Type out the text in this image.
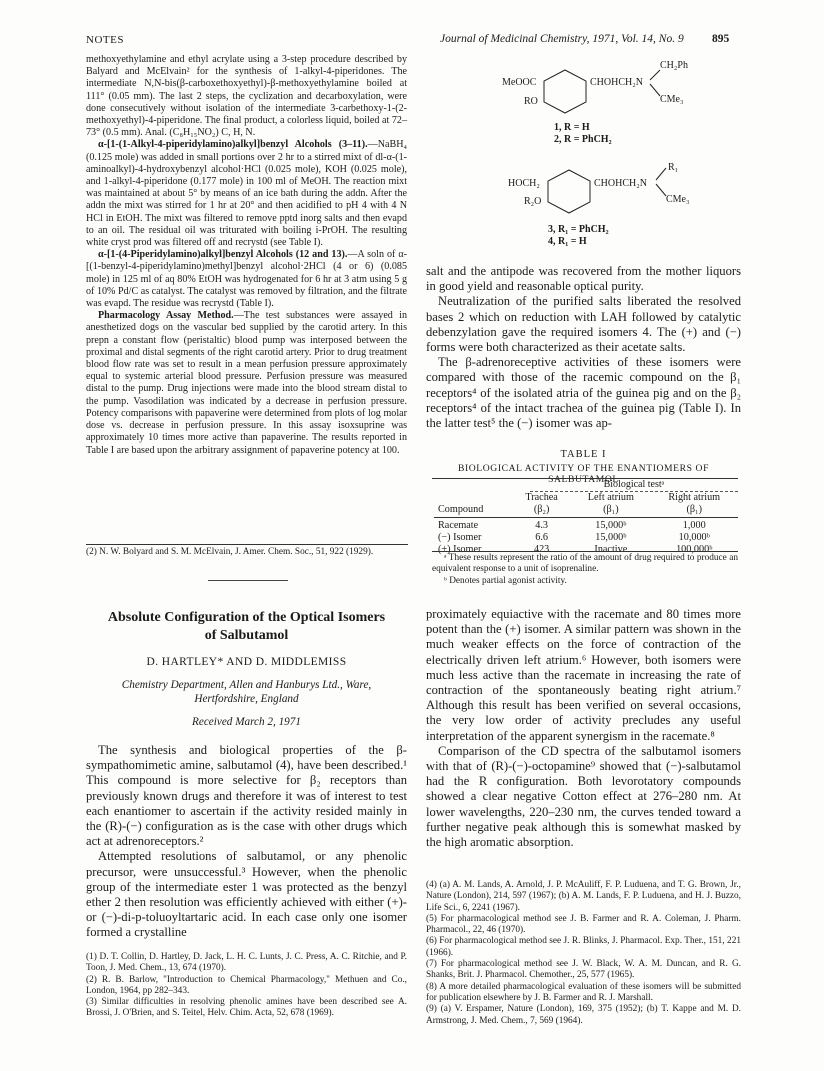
NOTES	Journal of Medicinal Chemistry, 1971, Vol. 14, No. 9 895

methoxyethylamine and ethyl acrylate using a 3-step procedure described by Balyard and McElvain² for the synthesis of 1-alkyl-4-piperidones. The intermediate N,N-bis(β-carboxethoxyethyl)-β-methoxyethylamine boiled at 111° (0.05 mm). The last 2 steps, the cyclization and decarboxylation, were done consecutively without isolation of the intermediate 3-carbethoxy-1-(2-methoxyethyl)-4-piperidone. The final product, a colorless liquid, boiled at 72–73° (0.5 mm). Anal. (C₈H₁₅NO₂) C, H, N.

α-[1-(1-Alkyl-4-piperidylamino)alkyl]benzyl Alcohols (3–11).—NaBH₄ (0.125 mole) was added in small portions over 2 hr to a stirred mixt of dl-α-(1-aminoalkyl)-4-hydroxybenzyl alcohol·HCl (0.025 mole), KOH (0.025 mole), and 1-alkyl-4-piperidone (0.177 mole) in 100 ml of MeOH. The reaction mixt was maintained at about 5° by means of an ice bath during the addn. After the addn the mixt was stirred for 1 hr at 20° and then acidified to pH 4 with 4 N HCl in EtOH. The mixt was filtered to remove pptd inorg salts and then evapd to an oil. The residual oil was triturated with boiling i-PrOH. The resulting white cryst prod was filtered off and recrystd (see Table I).

α-[1-(4-Piperidylamino)alkyl]benzyl Alcohols (12 and 13).—A soln of α-[(1-benzyl-4-piperidylamino)methyl]benzyl alcohol·2HCl (4 or 6) (0.085 mole) in 125 ml of aq 80% EtOH was hydrogenated for 6 hr at 3 atm using 5 g of 10% Pd/C as catalyst. The catalyst was removed by filtration, and the filtrate was evapd. The residue was recrystd (Table I).

Pharmacology Assay Method.—The test substances were assayed in anesthetized dogs on the vascular bed supplied by the carotid artery. In this prepn a constant flow (peristaltic) blood pump was interposed between the proximal and distal segments of the right carotid artery. Prior to drug treatment blood flow rate was set to result in a mean perfusion pressure approximately equal to systemic arterial blood pressure. Perfusion pressure was measured distal to the pump. Drug injections were made into the blood stream distal to the pump. Vasodilation was indicated by a decrease in perfusion pressure. Potency comparisons with papaverine were determined from plots of log molar dose vs. decrease in perfusion pressure. In this assay isoxsuprine was approximately 10 times more active than papaverine. The results reported in Table I are based upon the arbitrary assignment of papaverine potency at 100.

(2) N. W. Bolyard and S. M. McElvain, J. Amer. Chem. Soc., 51, 922 (1929).
Absolute Configuration of the Optical Isomers
of Salbutamol
D. HARTLEY* AND D. MIDDLEMISS
Chemistry Department, Allen and Hanburys Ltd., Ware,
Hertfordshire, England
Received March 2, 1971

The synthesis and biological properties of the β-sympathomimetic amine, salbutamol (4), have been described.¹ This compound is more selective for β₂ receptors than previously known drugs and therefore it was of interest to test each enantiomer to ascertain if the activity resided mainly in the (R)-(−) configuration as is the case with other drugs which act at adrenoreceptors.²

Attempted resolutions of salbutamol, or any phenolic precursor, were unsuccessful.³ However, when the phenolic group of the intermediate ester 1 was protected as the benzyl ether 2 then resolution was efficiently achieved with either (+)- or (−)-di-p-toluoyltartaric acid. In each case only one isomer formed a crystalline

(1) D. T. Collin, D. Hartley, D. Jack, L. H. C. Lunts, J. C. Press, A. C. Ritchie, and P. Toon, J. Med. Chem., 13, 674 (1970).

(2) R. B. Barlow, "Introduction to Chemical Pharmacology," Methuen and Co., London, 1964, pp 282–343.

(3) Similar difficulties in resolving phenolic amines have been described see A. Brossi, J. O'Brien, and S. Teitel, Helv. Chim. Acta, 52, 678 (1969).

MeOOC	CHOHCH₂N
CH₂Ph
CMe₃
RO
1, R = H
2, R = PhCH₂
HOCH₂	CHOHCH₂N
R₁
CMe₃
R₂O
3, R₁ = PhCH₂
4, R₁ = H

salt and the antipode was recovered from the mother liquors in good yield and reasonable optical purity.

Neutralization of the purified salts liberated the resolved bases 2 which on reduction with LAH followed by catalytic debenzylation gave the required isomers 4. The (+) and (−) forms were both characterized as their acetate salts.

The β-adrenoreceptive activities of these isomers were compared with those of the racemic compound on the β₁ receptors⁴ of the isolated atria of the guinea pig and on the β₂ receptors⁴ of the intact trachea of the guinea pig (Table I). In the latter test⁵ the (−) isomer was ap-

TABLE I
BIOLOGICAL ACTIVITY OF THE ENANTIOMERS OF SALBUTAMOL
Biological testᵃ
	Trachea	Left atrium	Right atrium
Compound	(β₂)	(β₁)	(β₁)

Racemate	4.3	15,000ᵇ	1,000
(−) Isomer	6.6	15,000ᵇ	10,000ᵇ
(+) Isomer	423	Inactive	100,000ᵇ

ᵃ These results represent the ratio of the amount of drug required to produce an equivalent response to a unit of isoprenaline.

ᵇ Denotes partial agonist activity.

proximately equiactive with the racemate and 80 times more potent than the (+) isomer. A similar pattern was shown in the much weaker effects on the force of contraction of the electrically driven left atrium.⁶ However, both isomers were much less active than the racemate in increasing the rate of contraction of the spontaneously beating right atrium.⁷ Although this result has been verified on several occasions, the very low order of activity precludes any useful interpretation of the apparent synergism in the racemate.⁸

Comparison of the CD spectra of the salbutamol isomers with that of (R)-(−)-octopamine⁹ showed that (−)-salbutamol had the R configuration. Both levorotatory compounds showed a clear negative Cotton effect at 276–280 nm. At lower wavelengths, 220–230 nm, the curves tended toward a further negative peak although this is somewhat masked by the high aromatic absorption.

(4) (a) A. M. Lands, A. Arnold, J. P. McAuliff, F. P. Luduena, and T. G. Brown, Jr., Nature (London), 214, 597 (1967); (b) A. M. Lands, F. P. Luduena, and H. J. Buzzo, Life Sci., 6, 2241 (1967).

(5) For pharmacological method see J. B. Farmer and R. A. Coleman, J. Pharm. Pharmacol., 22, 46 (1970).

(6) For pharmacological method see J. R. Blinks, J. Pharmacol. Exp. Ther., 151, 221 (1966).

(7) For pharmacological method see J. W. Black, W. A. M. Duncan, and R. G. Shanks, Brit. J. Pharmacol. Chemother., 25, 577 (1965).

(8) A more detailed pharmacological evaluation of these isomers will be submitted for publication elsewhere by J. B. Farmer and R. J. Marshall.

(9) (a) V. Erspamer, Nature (London), 169, 375 (1952); (b) T. Kappe and M. D. Armstrong, J. Med. Chem., 7, 569 (1964).
